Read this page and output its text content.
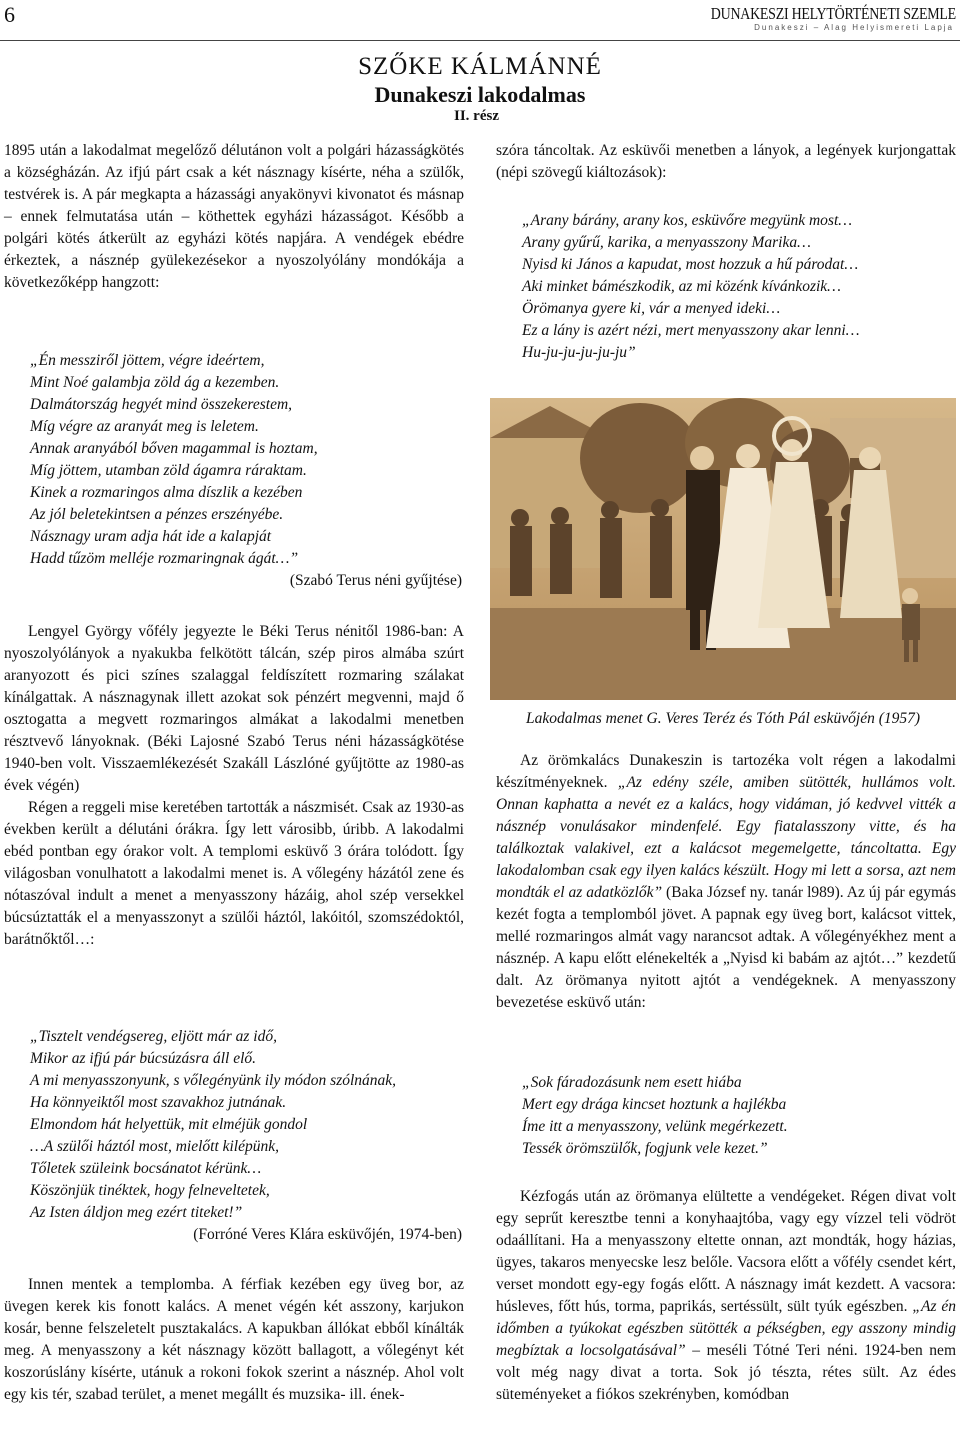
6	DUNAKESZI HELYTÖRTÉNETI SZEMLE
Dunakeszi – Alag Helyismereti Lapja
SZŐKE KÁLMÁNNÉ
Dunakeszi lakodalmas
II. rész

1895 után a lakodalmat megelőző délutánon volt a polgári házasságkötés a községházán. Az ifjú párt csak a két násznagy kísérte, néha a szülők, testvérek is. A pár megkapta a házassági anyakönyvi kivonatot és másnap – ennek felmutatása után – köthettek egyházi házasságot. Később a polgári kötés átkerült az egyházi kötés napjára. A vendégek ebédre érkeztek, a násznép gyülekezésekor a nyoszolyólány mondókája a következőképp hangzott:

„Én messziről jöttem, végre ideértem,
Mint Noé galambja zöld ág a kezemben.
Dalmátország hegyét mind összekerestem,
Míg végre az aranyát meg is leletem.
Annak aranyából bőven magammal is hoztam,
Míg jöttem, utamban zöld ágamra ráraktam.
Kinek a rozmaringos alma díszlik a kezében
Az jól beletekintsen a pénzes erszényébe.
Násznagy uram adja hát ide a kalapját
Hadd tűzöm melléje rozmaringnak ágát…”
(Szabó Terus néni gyűjtése)

Lengyel György vőfély jegyezte le Béki Terus nénitől 1986-ban: A nyoszolyólányok a nyakukba felkötött tálcán, szép piros almába szúrt aranyozott és pici színes szalaggal feldíszített rozmaring szálakat kínálgattak. A násznagynak illett azokat sok pénzért megvenni, majd ő osztogatta a megvett rozmaringos almákat a lakodalmi menetben résztvevő lányoknak. (Béki Lajosné Szabó Terus néni házasságkötése 1940-ben volt. Visszaemlékezését Szakáll Lászlóné gyűjtötte az 1980-as évek végén)

Régen a reggeli mise keretében tartották a nászmisét. Csak az 1930-as években került a délutáni órákra. Így lett városibb, úribb. A lakodalmi ebéd pontban egy órakor volt. A templomi esküvő 3 órára tolódott. Így világosban vonulhatott a lakodalmi menet is. A vőlegény házától zene és nótaszóval indult a menet a menyasszony házáig, ahol szép versekkel búcsúztatták el a menyasszonyt a szülői háztól, lakóitól, szomszédoktól, barátnőktől…:

„Tisztelt vendégsereg, eljött már az idő,
Mikor az ifjú pár búcsúzásra áll elő.
A mi menyasszonyunk, s vőlegényünk ily módon szólnának,
Ha könnyeiktől most szavakhoz jutnának.
Elmondom hát helyettük, mit elméjük gondol
…A szülői háztól most, mielőtt kilépünk,
Tőletek szüleink bocsánatot kérünk…
Köszönjük tinéktek, hogy felneveltetek,
Az Isten áldjon meg ezért titeket!”
(Forróné Veres Klára esküvőjén, 1974-ben)

Innen mentek a templomba. A férfiak kezében egy üveg bor, az üvegen kerek kis fonott kalács. A menet végén két asszony, karjukon kosár, benne felszeletelt pusztakalács. A kapukban állókat ebből kínálták meg. A menyasszony a két násznagy között ballagott, a vőlegényt két koszorúslány kísérte, utánuk a rokoni fokok szerint a násznép. Ahol volt egy kis tér, szabad terület, a menet megállt és muzsika- ill. ének-

szóra táncoltak. Az esküvői menetben a lányok, a legények kurjongattak (népi szövegű kiáltozások):

„Arany bárány, arany kos, esküvőre megyünk most…
Arany gyűrű, karika, a menyasszony Marika…
Nyisd ki János a kapudat, most hozzuk a hű párodat…
Aki minket bámészkodik, az mi közénk kívánkozik…
Örömanya gyere ki, vár a menyed ideki…
Ez a lány is azért nézi, mert menyasszony akar lenni…
Hu-ju-ju-ju-ju-ju”
Lakodalmas menet G. Veres Teréz és Tóth Pál esküvőjén (1957)

Az örömkalács Dunakeszin is tartozéka volt régen a lakodalmi készítményeknek. „Az edény széle, amiben sütötték, hullámos volt. Onnan kaphatta a nevét ez a kalács, hogy vidáman, jó kedvvel vitték a násznép vonulásakor mindenfelé. Egy fiatalasszony vitte, és ha találkoztak valakivel, ezt a kalácsot megemelgette, táncoltatta. Egy lakodalomban csak egy ilyen kalács készült. Hogy mi lett a sorsa, azt nem mondták el az adatközlők” (Baka József ny. tanár l989). Az új pár egymás kezét fogta a templomból jövet. A papnak egy üveg bort, kalácsot vittek, mellé rozmaringos almát vagy narancsot adtak. A vőlegényékhez ment a násznép. A kapu előtt elénekelték a „Nyisd ki babám az ajtót…” kezdetű dalt. Az örömanya nyitott ajtót a vendégeknek. A menyasszony bevezetése esküvő után:

„Sok fáradozásunk nem esett hiába
Mert egy drága kincset hoztunk a hajlékba
Íme itt a menyasszony, velünk megérkezett.
Tessék örömszülők, fogjunk vele kezet.”

Kézfogás után az örömanya elültette a vendégeket. Régen divat volt egy seprűt keresztbe tenni a konyhaajtóba, vagy egy vízzel teli vödröt odaállítani. Ha a menyasszony eltette onnan, azt mondták, hogy házias, ügyes, takaros menyecske lesz belőle. Vacsora előtt a vőfély csendet kért, verset mondott egy-egy fogás előtt. A násznagy imát kezdett. A vacsora: húsleves, főtt hús, torma, paprikás, sertéssült, sült tyúk egészben. „Az én időmben a tyúkokat egészben sütötték a pékségben, egy asszony mindig megbíztak a locsolgatásával” – meséli Tótné Teri néni. 1924-ben nem volt még nagy divat a torta. Sok jó tészta, rétes sült. Az édes süteményeket a fiókos szekrényben, komódban
